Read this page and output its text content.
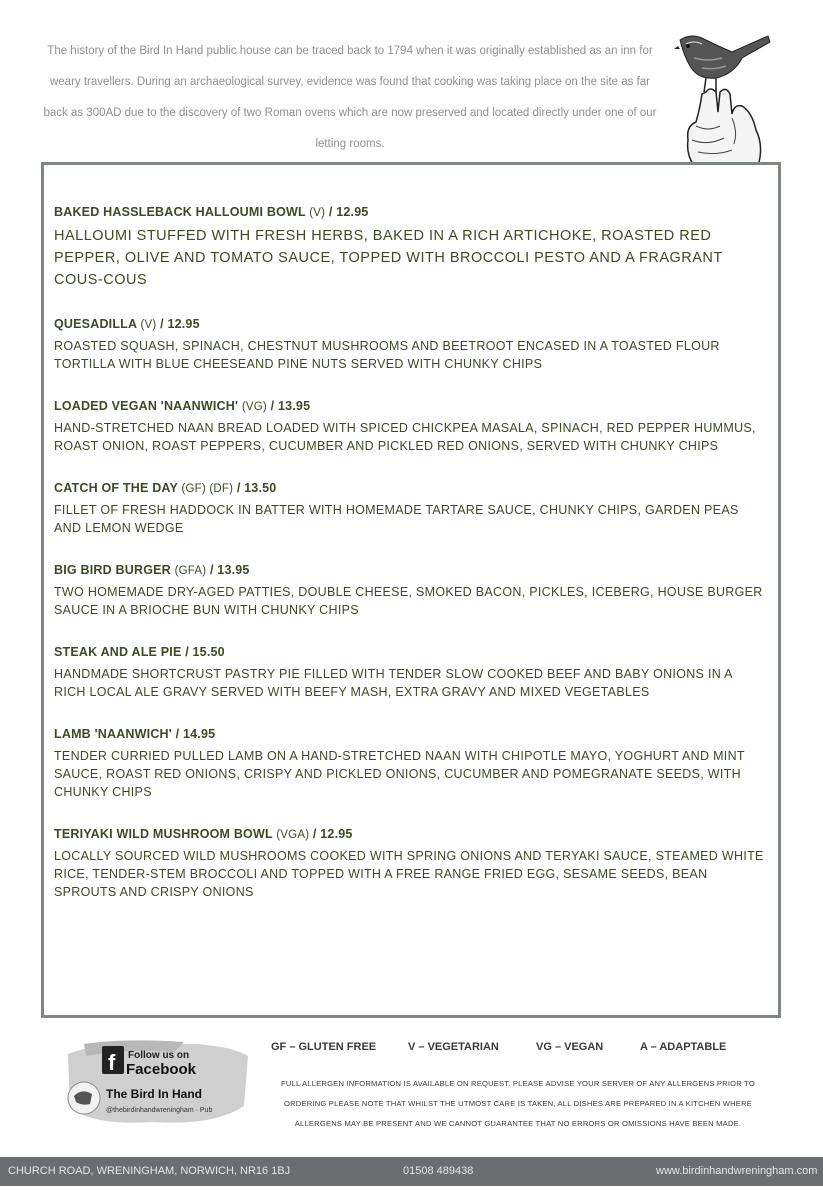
The history of the Bird In Hand public house can be traced back to 1794 when it was originally established as an inn for weary travellers. During an archaeological survey, evidence was found that cooking was taking place on the site as far back as 300AD due to the discovery of two Roman ovens which are now preserved and located directly under one of our letting rooms.

BAKED HASSLEBACK HALLOUMI BOWL (V) / 12.95
HALLOUMI STUFFED WITH FRESH HERBS, BAKED IN A RICH ARTICHOKE, ROASTED RED PEPPER, OLIVE AND TOMATO SAUCE, TOPPED WITH BROCCOLI PESTO AND A FRAGRANT COUS-COUS
QUESADILLA (V) / 12.95
ROASTED SQUASH, SPINACH, CHESTNUT MUSHROOMS AND BEETROOT ENCASED IN A TOASTED FLOUR TORTILLA WITH BLUE CHEESEAND PINE NUTS SERVED WITH CHUNKY CHIPS
LOADED VEGAN 'NAANWICH' (VG) / 13.95
HAND-STRETCHED NAAN BREAD LOADED WITH SPICED CHICKPEA MASALA, SPINACH, RED PEPPER HUMMUS, ROAST ONION, ROAST PEPPERS, CUCUMBER AND PICKLED RED ONIONS, SERVED WITH CHUNKY CHIPS
CATCH OF THE DAY (GF) (DF) / 13.50
FILLET OF FRESH HADDOCK IN BATTER WITH HOMEMADE TARTARE SAUCE, CHUNKY CHIPS, GARDEN PEAS AND LEMON WEDGE
BIG BIRD BURGER (GFA) / 13.95
TWO HOMEMADE DRY-AGED PATTIES, DOUBLE CHEESE, SMOKED BACON, PICKLES, ICEBERG, HOUSE BURGER SAUCE IN A BRIOCHE BUN WITH CHUNKY CHIPS
STEAK AND ALE PIE / 15.50
HANDMADE SHORTCRUST PASTRY PIE FILLED WITH TENDER SLOW COOKED BEEF AND BABY ONIONS IN A RICH LOCAL ALE GRAVY SERVED WITH BEEFY MASH, EXTRA GRAVY AND MIXED VEGETABLES
LAMB 'NAANWICH' / 14.95
TENDER CURRIED PULLED LAMB ON A HAND-STRETCHED NAAN WITH CHIPOTLE MAYO, YOGHURT AND MINT SAUCE, ROAST RED ONIONS, CRISPY AND PICKLED ONIONS, CUCUMBER AND POMEGRANATE SEEDS, WITH CHUNKY CHIPS
TERIYAKI WILD MUSHROOM BOWL (VGA) / 12.95
LOCALLY SOURCED WILD MUSHROOMS COOKED WITH SPRING ONIONS AND TERYAKI SAUCE, STEAMED WHITE RICE, TENDER-STEM BROCCOLI AND TOPPED WITH A FREE RANGE FRIED EGG, SESAME SEEDS, BEAN SPROUTS AND CRISPY ONIONS
f Follow us on
Facebook
The Bird In Hand
@thebirdinhandwreningham · Pub
GF – GLUTEN FREE	V – VEGETARIAN	VG – VEGAN	A – ADAPTABLE

FULL ALLERGEN INFORMATION IS AVAILABLE ON REQUEST. PLEASE ADVISE YOUR SERVER OF ANY ALLERGENS PRIOR TO ORDERING PLEASE NOTE THAT WHILST THE UTMOST CARE IS TAKEN, ALL DISHES ARE PREPARED IN A KITCHEN WHERE ALLERGENS MAY BE PRESENT AND WE CANNOT GUARANTEE THAT NO ERRORS OR OMISSIONS HAVE BEEN MADE.

CHURCH ROAD, WRENINGHAM, NORWICH, NR16 1BJ	01508 489438	www.birdinhandwreningham.com
